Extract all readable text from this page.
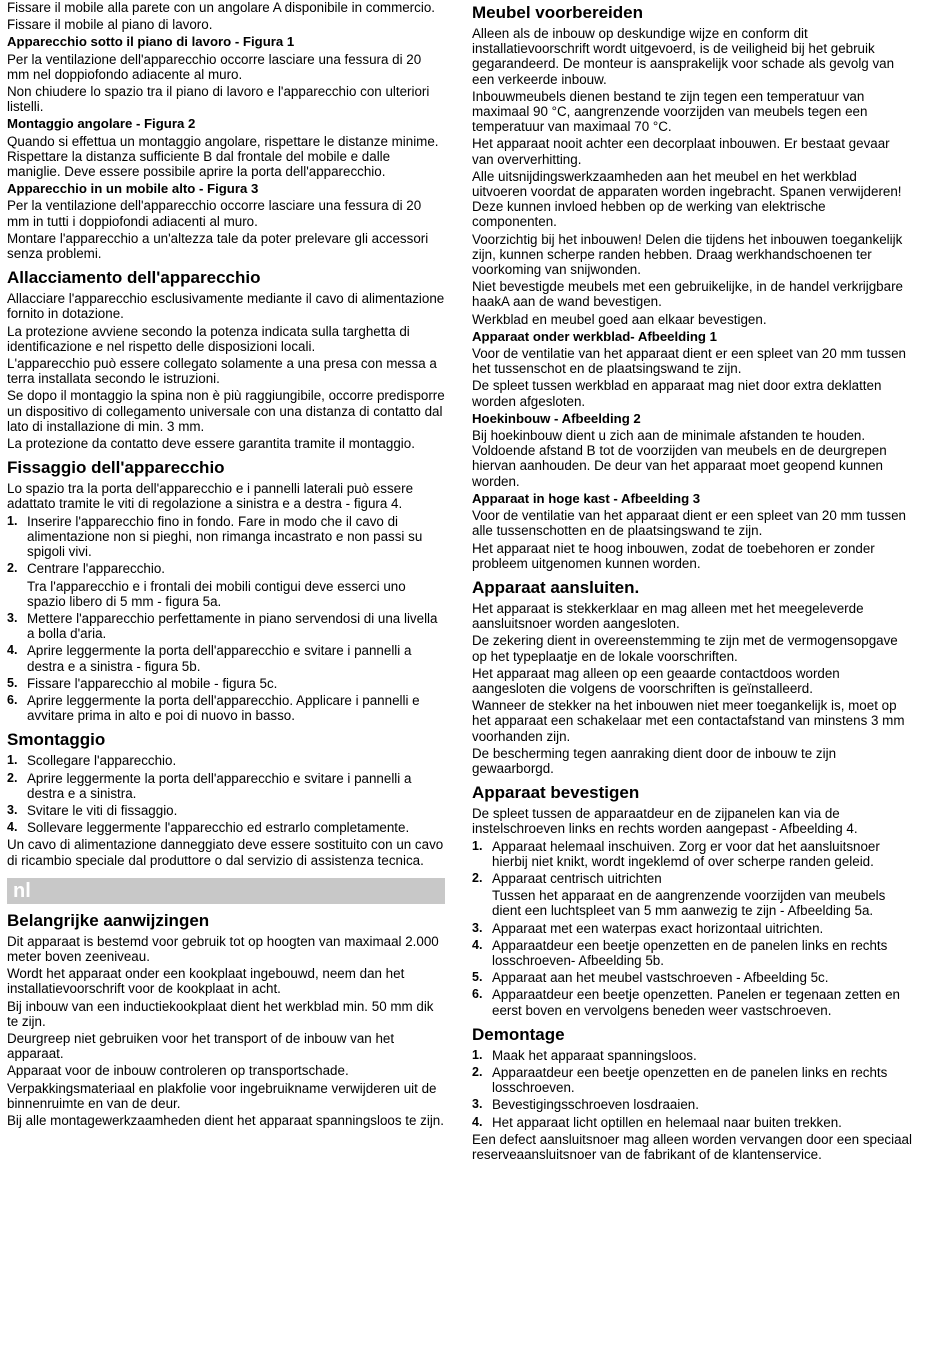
Fissare il mobile alla parete con un angolare A disponibile in commercio.

Fissare il mobile al piano di lavoro.

Apparecchio sotto il piano di lavoro - Figura 1

Per la ventilazione dell'apparecchio occorre lasciare una fessura di 20 mm nel doppiofondo adiacente al muro.

Non chiudere lo spazio tra il piano di lavoro e l'apparecchio con ulteriori listelli.

Montaggio angolare - Figura 2

Quando si effettua un montaggio angolare, rispettare le distanze minime. Rispettare la distanza sufficiente B dal frontale del mobile e dalle maniglie. Deve essere possibile aprire la porta dell'apparecchio.

Apparecchio in un mobile alto - Figura 3

Per la ventilazione dell'apparecchio occorre lasciare una fessura di 20 mm in tutti i doppiofondi adiacenti al muro.

Montare l'apparecchio a un'altezza tale da poter prelevare gli accessori senza problemi.

Allacciamento dell'apparecchio

Allacciare l'apparecchio esclusivamente mediante il cavo di alimentazione fornito in dotazione.

La protezione avviene secondo la potenza indicata sulla targhetta di identificazione e nel rispetto delle disposizioni locali.

L'apparecchio può essere collegato solamente a una presa con messa a terra installata secondo le istruzioni.

Se dopo il montaggio la spina non è più raggiungibile, occorre predisporre un dispositivo di collegamento universale con una distanza di contatto dal lato di installazione di min. 3 mm.

La protezione da contatto deve essere garantita tramite il montaggio.

Fissaggio dell'apparecchio

Lo spazio tra la porta dell'apparecchio e i pannelli laterali può essere adattato tramite le viti di regolazione a sinistra e a destra - figura 4.

1. Inserire l'apparecchio fino in fondo. Fare in modo che il cavo di alimentazione non si pieghi, non rimanga incastrato e non passi su spigoli vivi.
2. Centrare l'apparecchio.
Tra l'apparecchio e i frontali dei mobili contigui deve esserci uno spazio libero di 5 mm - figura 5a.
3. Mettere l'apparecchio perfettamente in piano servendosi di una livella a bolla d'aria.
4. Aprire leggermente la porta dell'apparecchio e svitare i pannelli a destra e a sinistra - figura 5b.
5. Fissare l'apparecchio al mobile - figura 5c.
6. Aprire leggermente la porta dell'apparecchio. Applicare i pannelli e avvitare prima in alto e poi di nuovo in basso.
Smontaggio
1. Scollegare l'apparecchio.
2. Aprire leggermente la porta dell'apparecchio e svitare i pannelli a destra e a sinistra.
3. Svitare le viti di fissaggio.
4. Sollevare leggermente l'apparecchio ed estrarlo completamente.

Un cavo di alimentazione danneggiato deve essere sostituito con un cavo di ricambio speciale dal produttore o dal servizio di assistenza tecnica.

nl
Belangrijke aanwijzingen

Dit apparaat is bestemd voor gebruik tot op hoogten van maximaal 2.000 meter boven zeeniveau.

Wordt het apparaat onder een kookplaat ingebouwd, neem dan het installatievoorschrift voor de kookplaat in acht.

Bij inbouw van een inductiekookplaat dient het werkblad min. 50 mm dik te zijn.

Deurgreep niet gebruiken voor het transport of de inbouw van het apparaat.

Apparaat voor de inbouw controleren op transportschade.

Verpakkingsmateriaal en plakfolie voor ingebruikname verwijderen uit de binnenruimte en van de deur.

Bij alle montagewerkzaamheden dient het apparaat spanningsloos te zijn.

Meubel voorbereiden

Alleen als de inbouw op deskundige wijze en conform dit installatievoorschrift wordt uitgevoerd, is de veiligheid bij het gebruik gegarandeerd. De monteur is aansprakelijk voor schade als gevolg van een verkeerde inbouw.

Inbouwmeubels dienen bestand te zijn tegen een temperatuur van maximaal 90 °C, aangrenzende voorzijden van meubels tegen een temperatuur van maximaal 70 °C.

Het apparaat nooit achter een decorplaat inbouwen. Er bestaat gevaar van oververhitting.

Alle uitsnijdingswerkzaamheden aan het meubel en het werkblad uitvoeren voordat de apparaten worden ingebracht. Spanen verwijderen! Deze kunnen invloed hebben op de werking van elektrische componenten.

Voorzichtig bij het inbouwen! Delen die tijdens het inbouwen toegankelijk zijn, kunnen scherpe randen hebben. Draag werkhandschoenen ter voorkoming van snijwonden.

Niet bevestigde meubels met een gebruikelijke, in de handel verkrijgbare haakA aan de wand bevestigen.

Werkblad en meubel goed aan elkaar bevestigen.

Apparaat onder werkblad- Afbeelding 1

Voor de ventilatie van het apparaat dient er een spleet van 20 mm tussen het tussenschot en de plaatsingswand te zijn.

De spleet tussen werkblad en apparaat mag niet door extra deklatten worden afgesloten.

Hoekinbouw - Afbeelding 2

Bij hoekinbouw dient u zich aan de minimale afstanden te houden. Voldoende afstand B tot de voorzijden van meubels en de deurgrepen hiervan aanhouden. De deur van het apparaat moet geopend kunnen worden.

Apparaat in hoge kast - Afbeelding 3

Voor de ventilatie van het apparaat dient er een spleet van 20 mm tussen alle tussenschotten en de plaatsingswand te zijn.

Het apparaat niet te hoog inbouwen, zodat de toebehoren er zonder probleem uitgenomen kunnen worden.

Apparaat aansluiten.

Het apparaat is stekkerklaar en mag alleen met het meegeleverde aansluitsnoer worden aangesloten.

De zekering dient in overeenstemming te zijn met de vermogensopgave op het typeplaatje en de lokale voorschriften.

Het apparaat mag alleen op een geaarde contactdoos worden aangesloten die volgens de voorschriften is geïnstalleerd.

Wanneer de stekker na het inbouwen niet meer toegankelijk is, moet op het apparaat een schakelaar met een contactafstand van minstens 3 mm voorhanden zijn.

De bescherming tegen aanraking dient door de inbouw te zijn gewaarborgd.

Apparaat bevestigen

De spleet tussen de apparaatdeur en de zijpanelen kan via de instelschroeven links en rechts worden aangepast - Afbeelding 4.

1. Apparaat helemaal inschuiven. Zorg er voor dat het aansluitsnoer hierbij niet knikt, wordt ingeklemd of over scherpe randen geleid.
2. Apparaat centrisch uitrichten
Tussen het apparaat en de aangrenzende voorzijden van meubels dient een luchtspleet van 5 mm aanwezig te zijn - Afbeelding 5a.
3. Apparaat met een waterpas exact horizontaal uitrichten.
4. Apparaatdeur een beetje openzetten en de panelen links en rechts losschroeven- Afbeelding 5b.
5. Apparaat aan het meubel vastschroeven - Afbeelding 5c.
6. Apparaatdeur een beetje openzetten. Panelen er tegenaan zetten en eerst boven en vervolgens beneden weer vastschroeven.
Demontage
1. Maak het apparaat spanningsloos.
2. Apparaatdeur een beetje openzetten en de panelen links en rechts losschroeven.
3. Bevestigingsschroeven losdraaien.
4. Het apparaat licht optillen en helemaal naar buiten trekken.

Een defect aansluitsnoer mag alleen worden vervangen door een speciaal reserveaansluitsnoer van de fabrikant of de klantenservice.
